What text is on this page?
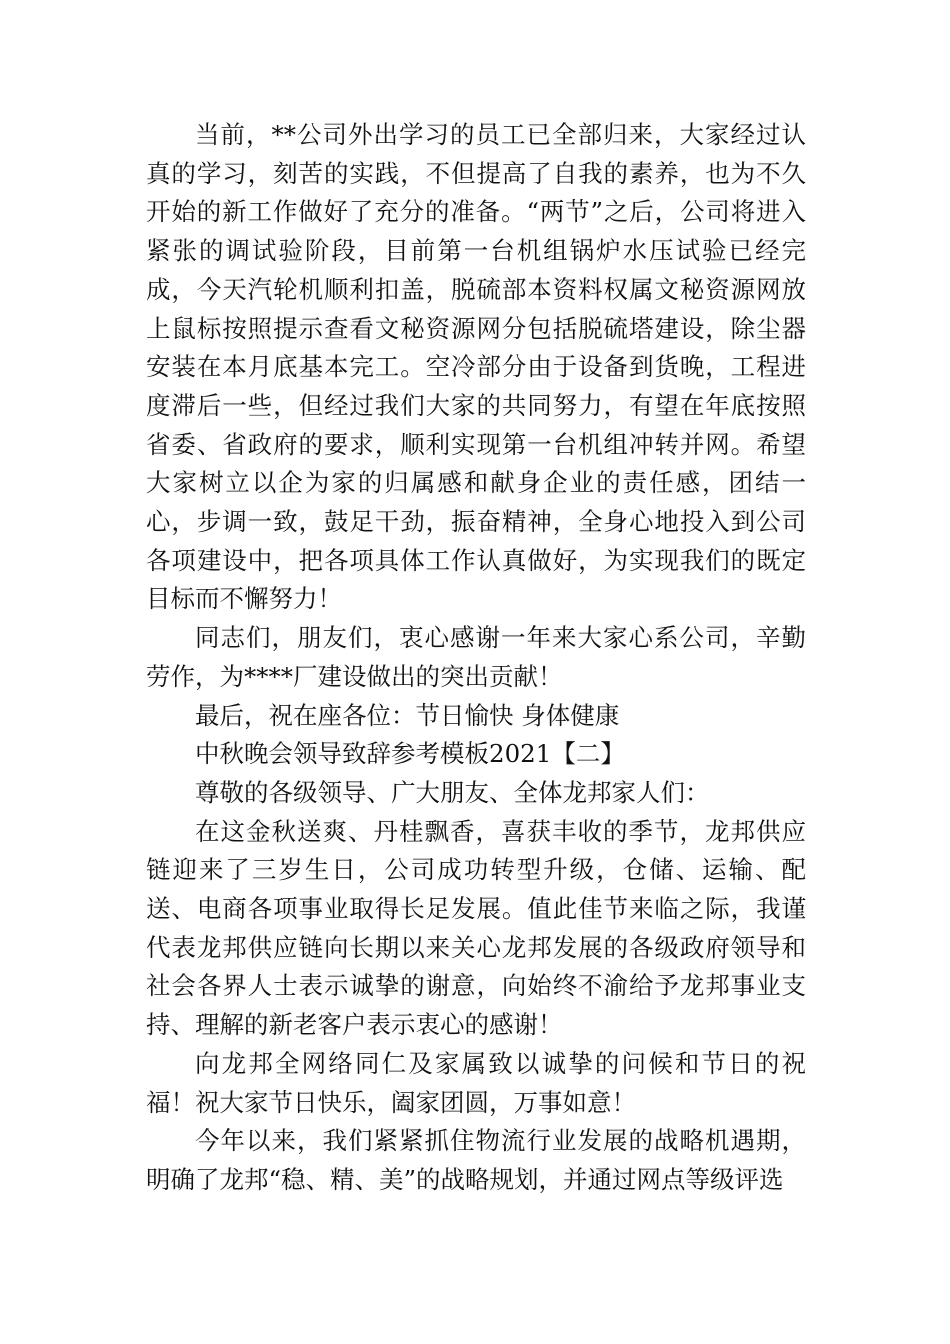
当前，**公司外出学习的员工已全部归来，大家经过认真的学习，刻苦的实践，不但提高了自我的素养，也为不久开始的新工作做好了充分的准备。“两节”之后，公司将进入紧张的调试验阶段，目前第一台机组锅炉水压试验已经完成，今天汽轮机顺利扣盖，脱硫部本资料权属文秘资源网放上鼠标按照提示查看文秘资源网分包括脱硫塔建设，除尘器安装在本月底基本完工。空冷部分由于设备到货晚，工程进度滞后一些，但经过我们大家的共同努力，有望在年底按照省委、省政府的要求，顺利实现第一台机组冲转并网。希望大家树立以企为家的归属感和献身企业的责任感，团结一心，步调一致，鼓足干劲，振奋精神，全身心地投入到公司各项建设中，把各项具体工作认真做好，为实现我们的既定目标而不懈努力！

同志们，朋友们，衷心感谢一年来大家心系公司，辛勤劳作，为****厂建设做出的突出贡献！

最后，祝在座各位：节日愉快 身体健康

中秋晚会领导致辞参考模板2021【二】

尊敬的各级领导、广大朋友、全体龙邦家人们：

在这金秋送爽、丹桂飘香，喜获丰收的季节，龙邦供应链迎来了三岁生日，公司成功转型升级，仓储、运输、配送、电商各项事业取得长足发展。值此佳节来临之际，我谨代表龙邦供应链向长期以来关心龙邦发展的各级政府领导和社会各界人士表示诚挚的谢意，向始终不渝给予龙邦事业支持、理解的新老客户表示衷心的感谢！

向龙邦全网络同仁及家属致以诚挚的问候和节日的祝福！祝大家节日快乐，阖家团圆，万事如意！

今年以来，我们紧紧抓住物流行业发展的战略机遇期，明确了龙邦“稳、精、美”的战略规划，并通过网点等级评选
